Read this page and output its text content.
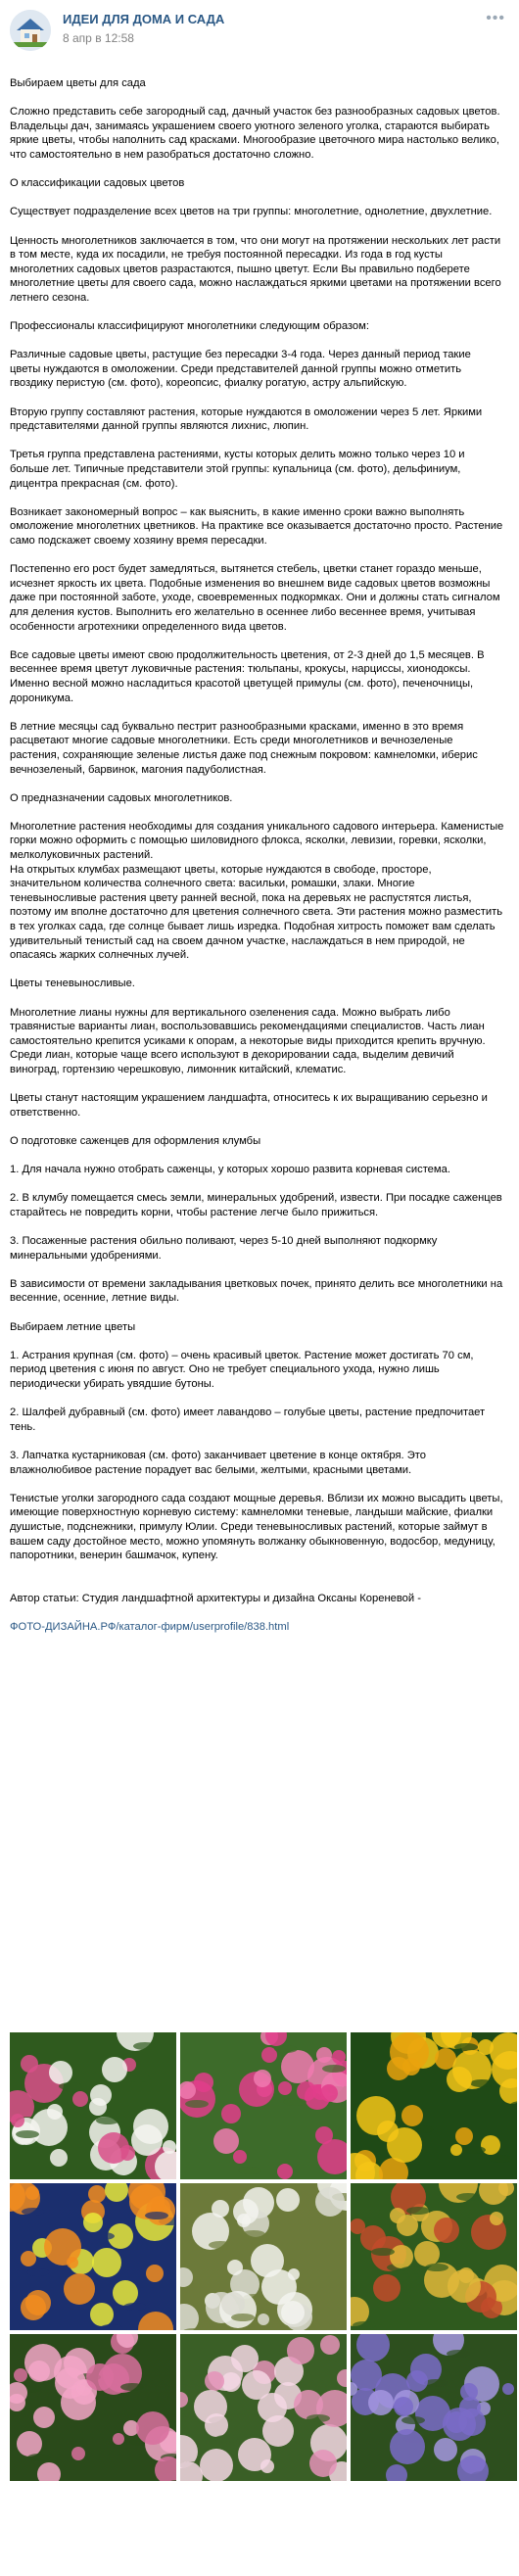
ИДЕИ ДЛЯ ДОМА И САДА
8 апр в 12:58
•••

Выбираем цветы для сада

Сложно представить себе загородный сад, дачный участок без разнообразных садовых цветов. Владельцы дач, занимаясь украшением своего уютного зеленого уголка, стараются выбирать яркие цветы, чтобы наполнить сад красками. Многообразие цветочного мира настолько велико, что самостоятельно в нем разобраться достаточно сложно.

О классификации садовых цветов

Существует подразделение всех цветов на три группы: многолетние, однолетние, двухлетние.

Ценность многолетников заключается в том, что они могут на протяжении нескольких лет расти в том месте, куда их посадили, не требуя постоянной пересадки. Из года в год кусты многолетних садовых цветов разрастаются, пышно цветут. Если Вы правильно подберете многолетние цветы для своего сада, можно наслаждаться яркими цветами на протяжении всего летнего сезона.

Профессионалы классифицируют многолетники следующим образом:

Различные садовые цветы, растущие без пересадки 3-4 года. Через данный период такие цветы нуждаются в омоложении. Среди представителей данной группы можно отметить гвоздику перистую (см. фото), кореопсис, фиалку рогатую, астру альпийскую.

Вторую группу составляют растения, которые нуждаются в омоложении через 5 лет. Яркими представителями данной группы являются лихнис, люпин.

Третья группа представлена растениями, кусты которых делить можно только через 10 и больше лет. Типичные представители этой группы: купальница (см. фото), дельфиниум, дицентра прекрасная (см. фото).

Возникает закономерный вопрос – как выяснить, в какие именно сроки важно выполнять омоложение многолетних цветников. На практике все оказывается достаточно просто. Растение само подскажет своему хозяину время пересадки.

Постепенно его рост будет замедляться, вытянется стебель, цветки станет гораздо меньше, исчезнет яркость их цвета. Подобные изменения во внешнем виде садовых цветов возможны даже при постоянной заботе, уходе, своевременных подкормках. Они и должны стать сигналом для деления кустов. Выполнить его желательно в осеннее либо весеннее время, учитывая особенности агротехники определенного вида цветов.

Все садовые цветы имеют свою продолжительность цветения, от 2-3 дней до 1,5 месяцев. В весеннее время цветут луковичные растения: тюльпаны, крокусы, нарциссы, хионодоксы. Именно весной можно насладиться красотой цветущей примулы (см. фото), печеночницы, дороникума.

В летние месяцы сад буквально пестрит разнообразными красками, именно в это время расцветают многие садовые многолетники. Есть среди многолетников и вечнозеленые растения, сохраняющие зеленые листья даже под снежным покровом: камнеломки, иберис вечнозеленый, барвинок, магония падуболистная.

О предназначении садовых многолетников.

Многолетние растения необходимы для создания уникального садового интерьера. Каменистые горки можно оформить с помощью шиловидного флокса, ясколки, левизии, горевки, ясколки, мелколуковичных растений.
На открытых клумбах размещают цветы, которые нуждаются в свободе, просторе, значительном количества солнечного света: васильки, ромашки, злаки. Многие теневыносливые растения цвету ранней весной, пока на деревьях не распустятся листья, поэтому им вполне достаточно для цветения солнечного света. Эти растения можно разместить в тех уголках сада, где солнце бывает лишь изредка. Подобная хитрость поможет вам сделать удивительный тенистый сад на своем дачном участке, наслаждаться в нем природой, не опасаясь жарких солнечных лучей.

Цветы теневыносливые.

Многолетние лианы нужны для вертикального озеленения сада. Можно выбрать либо травянистые варианты лиан, воспользовавшись рекомендациями специалистов. Часть лиан самостоятельно крепится усиками к опорам, а некоторые виды приходится крепить вручную. Среди лиан, которые чаще всего используют в декорировании сада, выделим девичий виноград, гортензию черешковую, лимонник китайский, клематис.

Цветы станут настоящим украшением ландшафта, относитесь к их выращиванию серьезно и ответственно.

О подготовке саженцев для оформления клумбы

1. Для начала нужно отобрать саженцы, у которых хорошо развита корневая система.

2. В клумбу помещается смесь земли, минеральных удобрений, извести. При посадке саженцев старайтесь не повредить корни, чтобы растение легче было прижиться.

3. Посаженные растения обильно поливают, через 5-10 дней выполняют подкормку минеральными удобрениями.

В зависимости от времени закладывания цветковых почек, принято делить все многолетники на весенние, осенние, летние виды.

Выбираем летние цветы

1. Астрания крупная (см. фото) – очень красивый цветок. Растение может достигать 70 см, период цветения с июня по август. Оно не требует специального ухода, нужно лишь периодически убирать увядшие бутоны.

2. Шалфей дубравный (см. фото) имеет лавандово – голубые цветы, растение предпочитает тень.

3. Лапчатка кустарниковая (см. фото) заканчивает цветение в конце октября. Это влажнолюбивое растение порадует вас белыми, желтыми, красными цветами.

Тенистые уголки загородного сада создают мощные деревья. Вблизи их можно высадить цветы, имеющие поверхностную корневую систему: камнеломки теневые, ландыши майские, фиалки душистые, подснежники, примулу Юлии. Среди теневыносливых растений, которые займут в вашем саду достойное место, можно упомянуть волжанку обыкновенную, водосбор, медуницу, папоротники, венерин башмачок, купену.

Автор статьи: Студия ландшафтной архитектуры и дизайна Оксаны Кореневой -

ФОТО-ДИЗАЙНА.РФ/каталог-фирм/userprofile/838.html
